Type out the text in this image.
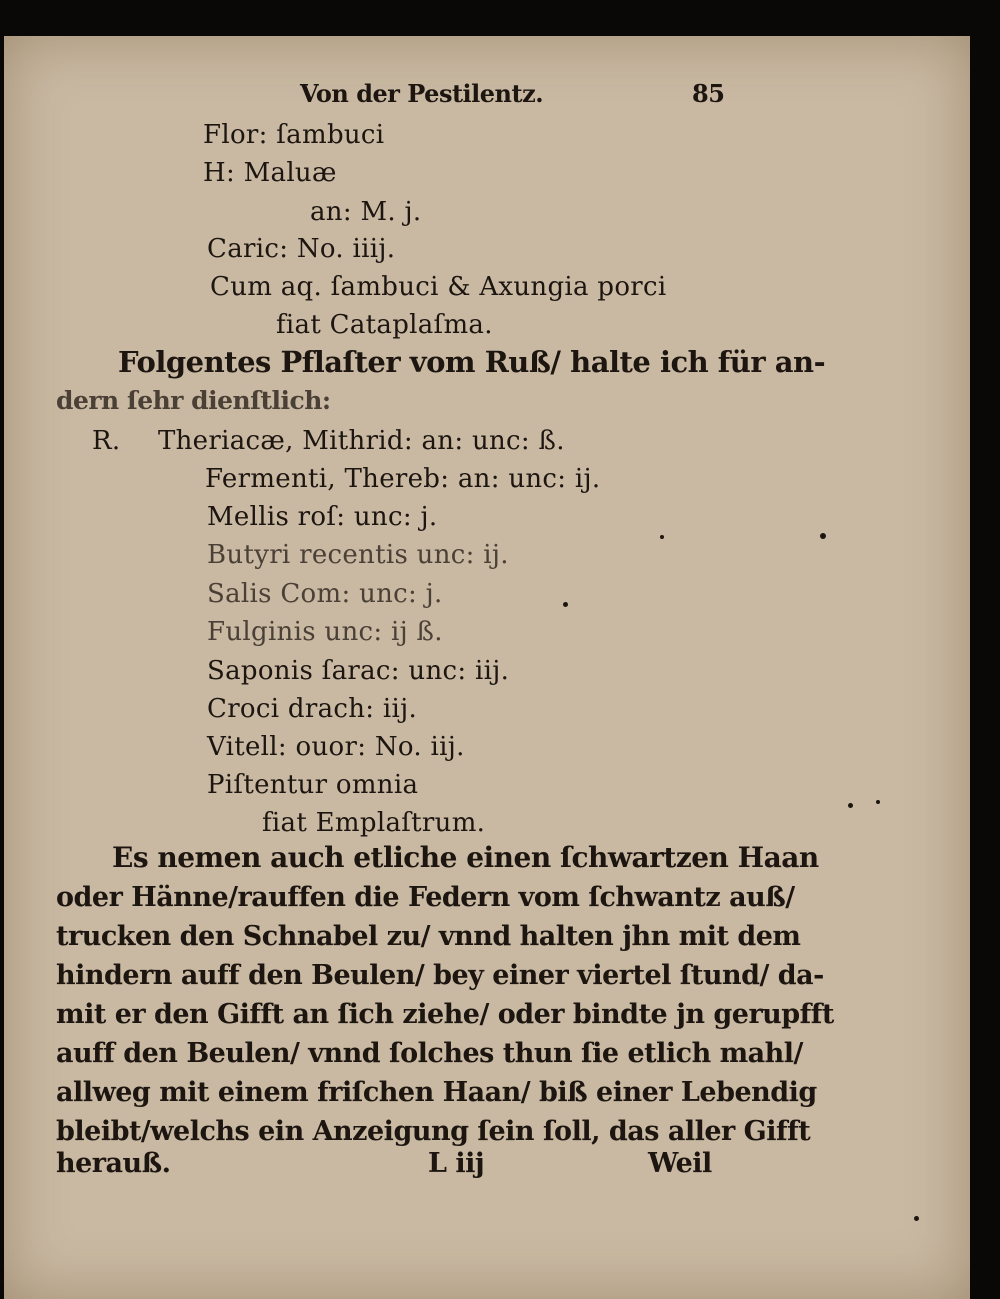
Von der Pestilentz.	85
Flor: ſambuci
H: Maluæ
an: M. j.
Caric: No. iiij.
Cum aq. ſambuci & Axungia porci
fiat Cataplaſma.
Folgentes Pflaſter vom Ruß/ halte ich für an-
dern ſehr dienſtlich:
R. Theriacæ, Mithrid: an: unc: ß.
Fermenti, Thereb: an: unc: ij.
Mellis roſ: unc: j.
Butyri recentis unc: ij.
Salis Com: unc: j.
Fulginis unc: ij ß.
Saponis ſarac: unc: iij.
Croci drach: iij.
Vitell: ouor: No. iij.
Piſtentur omnia
fiat Emplaſtrum.
Es nemen auch etliche einen ſchwartzen Haan
oder Hänne/rauffen die Federn vom ſchwantz auß/
trucken den Schnabel zu/ vnnd halten jhn mit dem
hindern auff den Beulen/ bey einer viertel ſtund/ da-
mit er den Gifft an ſich ziehe/ oder bindte jn gerupfft
auff den Beulen/ vnnd ſolches thun ſie etlich mahl/
allweg mit einem friſchen Haan/ biß einer Lebendig
bleibt/welchs ein Anzeigung ſein ſoll, das aller Gifft
herauß.	L iij	Weil
